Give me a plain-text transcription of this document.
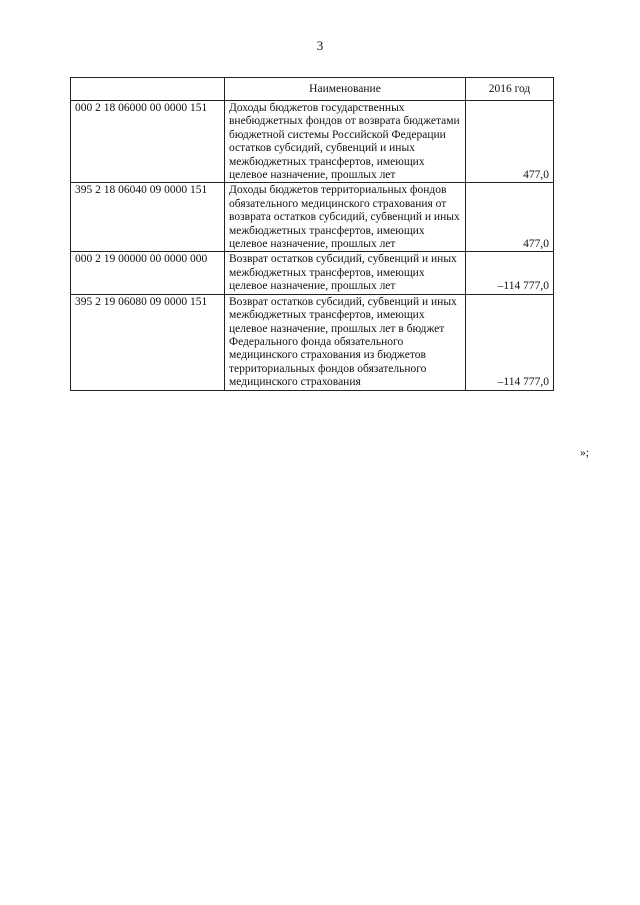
3
	Наименование	2016 год
000 2 18 06000 00 0000 151	Доходы бюджетов государственных внебюджетных фондов от возврата бюджетами бюджетной системы Российской Федерации остатков субсидий, субвенций и иных межбюджетных трансфертов, имеющих целевое назначение, прошлых лет	477,0
395 2 18 06040 09 0000 151	Доходы бюджетов территориальных фондов обязательного медицинского страхования от возврата остатков субсидий, субвенций и иных межбюджетных трансфертов, имеющих целевое назначение, прошлых лет	477,0
000 2 19 00000 00 0000 000	Возврат остатков субсидий, субвенций и иных межбюджетных трансфертов, имеющих целевое назначение, прошлых лет	–114 777,0
395 2 19 06080 09 0000 151	Возврат остатков субсидий, субвенций и иных межбюджетных трансфертов, имеющих целевое назначение, прошлых лет в бюджет Федерального фонда обязательного медицинского страхования из бюджетов территориальных фондов обязательного медицинского страхования	–114 777,0
»;
